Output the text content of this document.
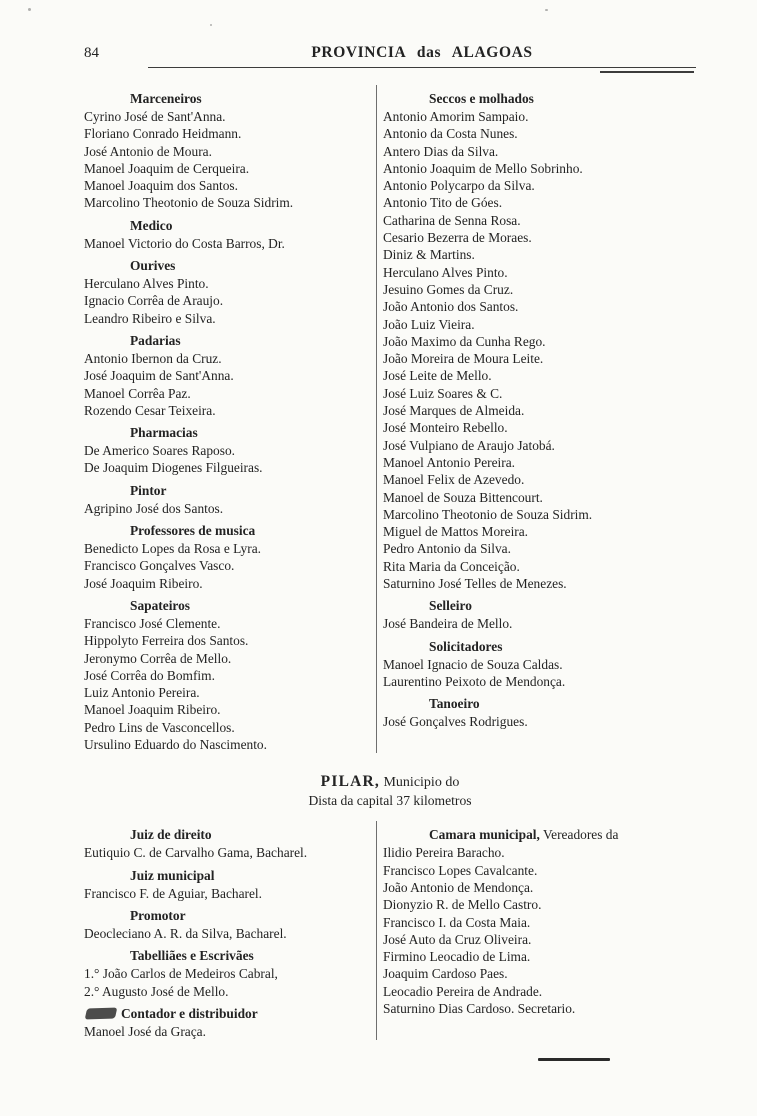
84	PROVINCIA das ALAGOAS
Marceneiros
Cyrino José de Sant'Anna.
Floriano Conrado Heidmann.
José Antonio de Moura.
Manoel Joaquim de Cerqueira.
Manoel Joaquim dos Santos.
Marcolino Theotonio de Souza Sidrim.
Medico
Manoel Victorio do Costa Barros, Dr.
Ourives
Herculano Alves Pinto.
Ignacio Corrêa de Araujo.
Leandro Ribeiro e Silva.
Padarias
Antonio Ibernon da Cruz.
José Joaquim de Sant'Anna.
Manoel Corrêa Paz.
Rozendo Cesar Teixeira.
Pharmacias
De Americo Soares Raposo.
De Joaquim Diogenes Filgueiras.
Pintor
Agripino José dos Santos.
Professores de musica
Benedicto Lopes da Rosa e Lyra.
Francisco Gonçalves Vasco.
José Joaquim Ribeiro.
Sapateiros
Francisco José Clemente.
Hippolyto Ferreira dos Santos.
Jeronymo Corrêa de Mello.
José Corrêa do Bomfim.
Luiz Antonio Pereira.
Manoel Joaquim Ribeiro.
Pedro Lins de Vasconcellos.
Ursulino Eduardo do Nascimento.
Seccos e molhados
Antonio Amorim Sampaio.
Antonio da Costa Nunes.
Antero Dias da Silva.
Antonio Joaquim de Mello Sobrinho.
Antonio Polycarpo da Silva.
Antonio Tito de Góes.
Catharina de Senna Rosa.
Cesario Bezerra de Moraes.
Diniz & Martins.
Herculano Alves Pinto.
Jesuino Gomes da Cruz.
João Antonio dos Santos.
João Luiz Vieira.
João Maximo da Cunha Rego.
João Moreira de Moura Leite.
José Leite de Mello.
José Luiz Soares & C.
José Marques de Almeida.
José Monteiro Rebello.
José Vulpiano de Araujo Jatobá.
Manoel Antonio Pereira.
Manoel Felix de Azevedo.
Manoel de Souza Bittencourt.
Marcolino Theotonio de Souza Sidrim.
Miguel de Mattos Moreira.
Pedro Antonio da Silva.
Rita Maria da Conceição.
Saturnino José Telles de Menezes.
Selleiro
José Bandeira de Mello.
Solicitadores
Manoel Ignacio de Souza Caldas.
Laurentino Peixoto de Mendonça.
Tanoeiro
José Gonçalves Rodrigues.
PILAR, Municipio do
Dista da capital 37 kilometros
Juiz de direito
Eutiquio C. de Carvalho Gama, Bacharel.
Juiz municipal
Francisco F. de Aguiar, Bacharel.
Promotor
Deocleciano A. R. da Silva, Bacharel.
Tabelliães e Escrivães
1.° João Carlos de Medeiros Cabral,
2.° Augusto José de Mello.
Contador e distribuidor
Manoel José da Graça.
Camara municipal, Vereadores da
Ilidio Pereira Baracho.
Francisco Lopes Cavalcante.
João Antonio de Mendonça.
Dionyzio R. de Mello Castro.
Francisco I. da Costa Maia.
José Auto da Cruz Oliveira.
Firmino Leocadio de Lima.
Joaquim Cardoso Paes.
Leocadio Pereira de Andrade.
Saturnino Dias Cardoso. Secretario.
